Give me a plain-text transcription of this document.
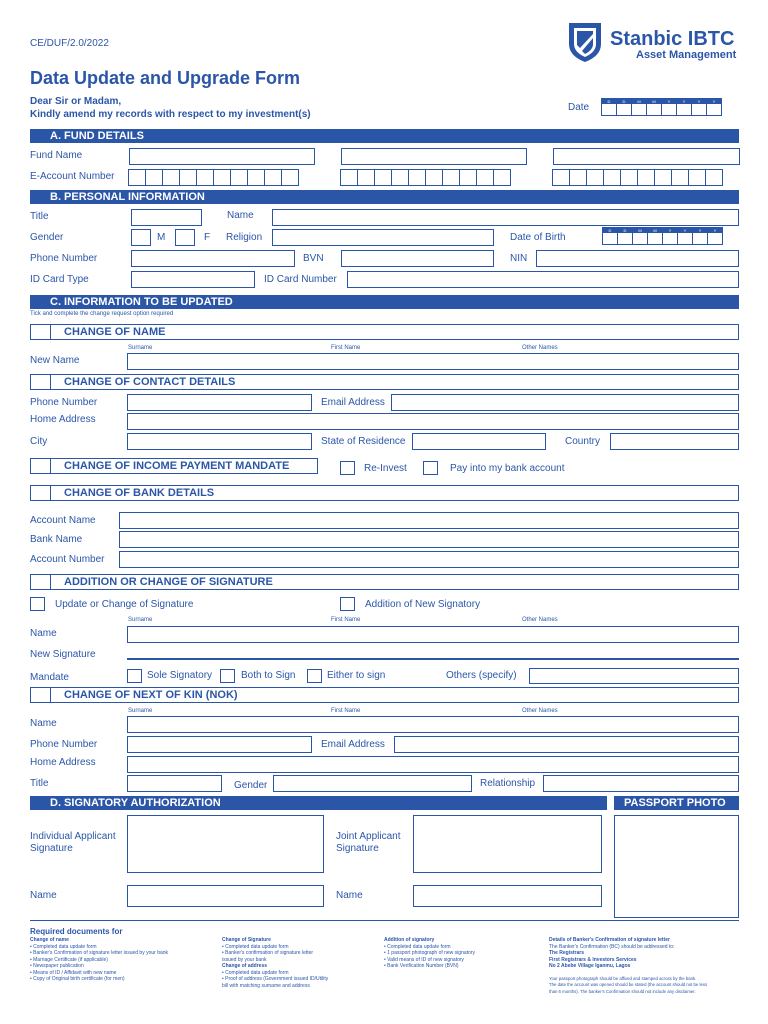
CE/DUF/2.0/2022
Data Update and Upgrade Form
Dear Sir or Madam,
Kindly amend my records with respect to my investment(s)
Date
D	D	M	M	Y	Y	Y	Y
Stanbic IBTC
Asset Management
A. FUND DETAILS
Fund Name
E-Account Number
B. PERSONAL INFORMATION
Title	Name
Gender	M	F Religion	Date of Birth
D	D	M	M	Y	Y	Y	Y
Phone Number	BVN	NIN
ID Card Type	ID Card Number
C. INFORMATION TO BE UPDATED
Tick and complete the change request option required
CHANGE OF NAME
Surname	First Name	Other Names
New Name
CHANGE OF CONTACT DETAILS
Phone Number	Email Address
Home Address
City	State of Residence	Country
CHANGE OF INCOME PAYMENT MANDATE	Re-Invest	Pay into my bank account
CHANGE OF BANK DETAILS
Account Name
Bank Name
Account Number
ADDITION OR CHANGE OF SIGNATURE
Update or Change of Signature	Addition of New Signatory
Surname	First Name	Other Names
Name
New Signature
Mandate	Sole Signatory	Both to Sign	Either to sign	Others (specify)
CHANGE OF NEXT OF KIN (NOK)
Surname	First Name	Other Names
Name
Phone Number	Email Address
Home Address
Title	Gender	Relationship
D. SIGNATORY AUTHORIZATION	PASSPORT PHOTO
Individual Applicant
Signature
Joint Applicant
Signature
Name	Name
Required documents for
Change of name
• Completed data update form
• Banker's Confirmation of signature letter issued by your bank
• Marriage Certificate (if applicable)
• Newspaper publication
• Means of ID / Affidavit with new name
• Copy of Original birth certificate (for men)
Change of Signature
• Completed data update form
• Banker's confirmation of signature letter
issued by your bank
Change of address
• Completed data update form
• Proof of address (Government issued ID/Utility
bill with matching surname and address
Addition of signatory
• Completed data update form
• 1 passport photograph of new signatory
• Valid means of ID of new signatory
• Bank Verification Number (BVN)
Details of Banker's Confirmation of signature letter
The Banker's Confirmation (BC) should be addressed to:
The Registrars
First Registrars & Investors Services
No 2 Abebe Village Iganmu, Lagos
Your passport photograph should be affixed and stamped across by the bank.
The date the account was opened should be stated (the account should not be less
than 6 months). The banker's Confirmation should not include any disclaimer.
